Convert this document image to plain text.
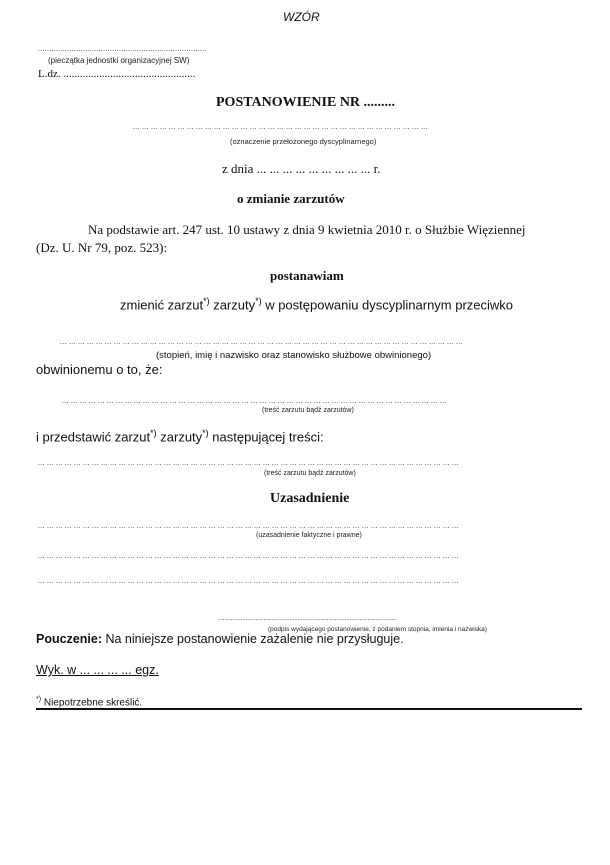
WZÓR
...........................................................................
(pieczątka jednostki organizacyjnej SW)
L.dz. ................................................
POSTANOWIENIE NR .........
... ... ... ... ... ... ... ... ... ... ... ... ... ... ... ... ... ... ... ... ... ... ... ... ... ... ... ... ... ... ... ... ...
(oznaczenie przełożonego dyscyplinarnego)
z dnia ... ... ... ... ... ... ... ... ... r.
o zmianie zarzutów
Na podstawie art. 247 ust. 10 ustawy z dnia 9 kwietnia 2010 r. o Służbie Więziennej
(Dz. U. Nr 79, poz. 523):
postanawiam
zmienić zarzut*) zarzuty*) w postępowaniu dyscyplinarnym przeciwko
... ... ... ... ... ... ... ... ... ... ... ... ... ... ... ... ... ... ... ... ... ... ... ... ... ... ... ... ... ... ... ... ... ... ... ... ... ... ... ... ... ... ... ... ...
(stopień, imię i nazwisko oraz stanowisko służbowe obwinionego)
obwinionemu o to, że:
... ... ... ... ... ... ... ... ... ... ... ... ... ... ... ... ... ... ... ... ... ... ... ... ... ... ... ... ... ... ... ... ... ... ... ... ... ... ... ... ... ... ...
(treść zarzutu bądź zarzutów)
i przedstawić zarzut*) zarzuty*) następującej treści:
... ... ... ... ... ... ... ... ... ... ... ... ... ... ... ... ... ... ... ... ... ... ... ... ... ... ... ... ... ... ... ... ... ... ... ... ... ... ... ... ... ... ... ... ... ... ...
(treść zarzutu bądź zarzutów)
Uzasadnienie
... ... ... ... ... ... ... ... ... ... ... ... ... ... ... ... ... ... ... ... ... ... ... ... ... ... ... ... ... ... ... ... ... ... ... ... ... ... ... ... ... ... ... ... ... ... ...
(uzasadnienie faktyczne i prawne)
... ... ... ... ... ... ... ... ... ... ... ... ... ... ... ... ... ... ... ... ... ... ... ... ... ... ... ... ... ... ... ... ... ... ... ... ... ... ... ... ... ... ... ... ... ... ...
... ... ... ... ... ... ... ... ... ... ... ... ... ... ... ... ... ... ... ... ... ... ... ... ... ... ... ... ... ... ... ... ... ... ... ... ... ... ... ... ... ... ... ... ... ... ...
..............................................................................................................
(podpis wydającego postanowienie, z podaniem stopnia, imienia i nazwiska)
Pouczenie: Na niniejsze postanowienie zażalenie nie przysługuje.
Wyk. w ... ... ... ... egz.
*) Niepotrzebne skreślić.
